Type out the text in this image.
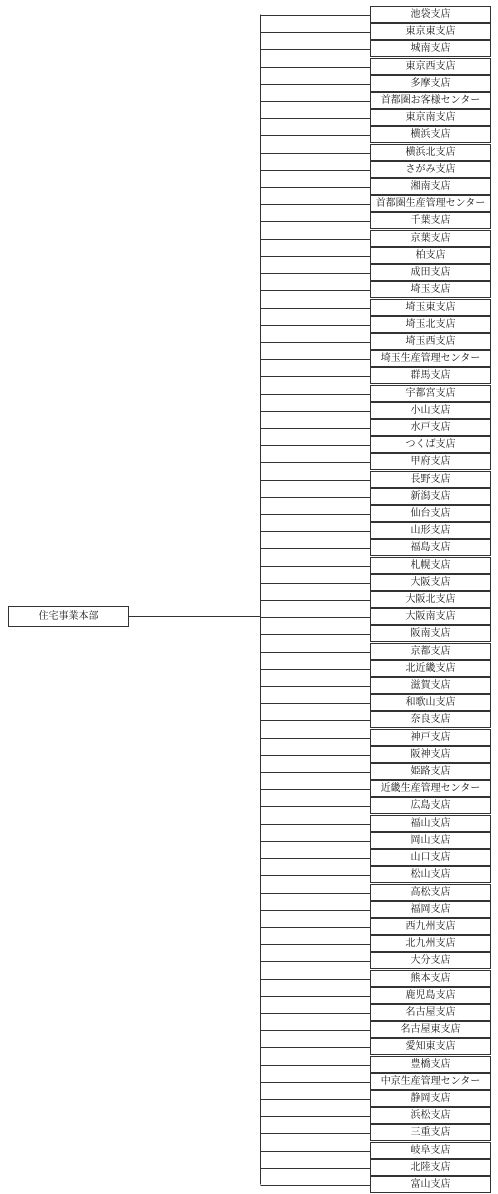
住宅事業本部
池袋支店
東京東支店
城南支店
東京西支店
多摩支店
首都圏お客様センター
東京南支店
横浜支店
横浜北支店
さがみ支店
湘南支店
首都圏生産管理センター
千葉支店
京葉支店
柏支店
成田支店
埼玉支店
埼玉東支店
埼玉北支店
埼玉西支店
埼玉生産管理センター
群馬支店
宇都宮支店
小山支店
水戸支店
つくば支店
甲府支店
長野支店
新潟支店
仙台支店
山形支店
福島支店
札幌支店
大阪支店
大阪北支店
大阪南支店
阪南支店
京都支店
北近畿支店
滋賀支店
和歌山支店
奈良支店
神戸支店
阪神支店
姫路支店
近畿生産管理センター
広島支店
福山支店
岡山支店
山口支店
松山支店
高松支店
福岡支店
西九州支店
北九州支店
大分支店
熊本支店
鹿児島支店
名古屋支店
名古屋東支店
愛知東支店
豊橋支店
中京生産管理センター
静岡支店
浜松支店
三重支店
岐阜支店
北陸支店
富山支店
